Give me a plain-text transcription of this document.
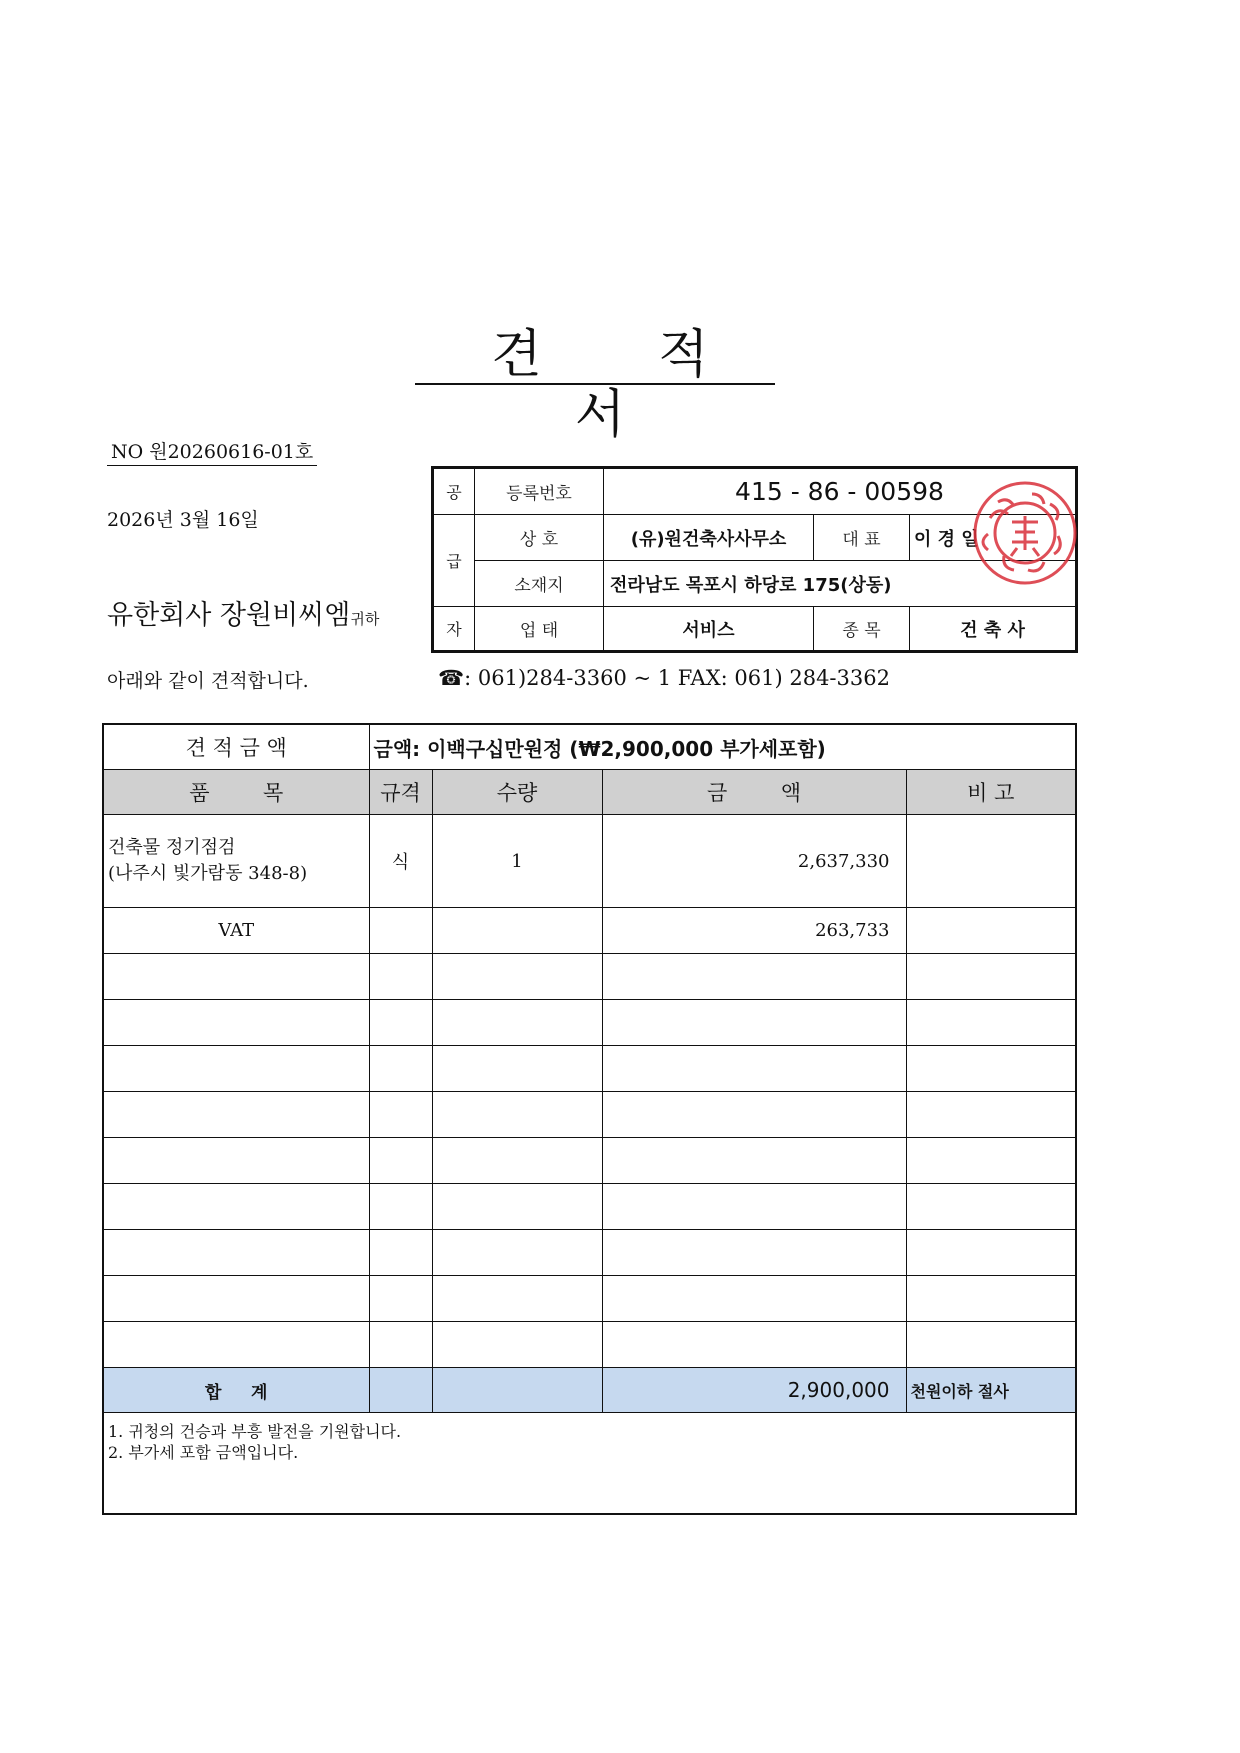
견 적 서
NO 원20260616-01호
2026년 3월 16일
유한회사 장원비씨엠귀하
아래와 같이 견적합니다.	☎: 061)284-3360 ~ 1 FAX: 061) 284-3362
공	등록번호	415 - 86 - 00598		
급	상 호	(유)원건축사사무소	대 표	이 경 일
	소재지	전라남도 목포시 하당로 175(상동)		
자	업 태	서비스	종 목	건 축 사
견 적 금 액	금액: 이백구십만원정 (₩2,900,000 부가세포함)			
품        목	규격	수량	금        액	비 고
건축물 정기점검
(나주시 빛가람동 348-8)	식	1	2,637,330	
VAT			263,733	

합     계			2,900,000	천원이하 절사
1. 귀청의 건승과 부흥 발전을 기원합니다.
2. 부가세 포함 금액입니다.				
